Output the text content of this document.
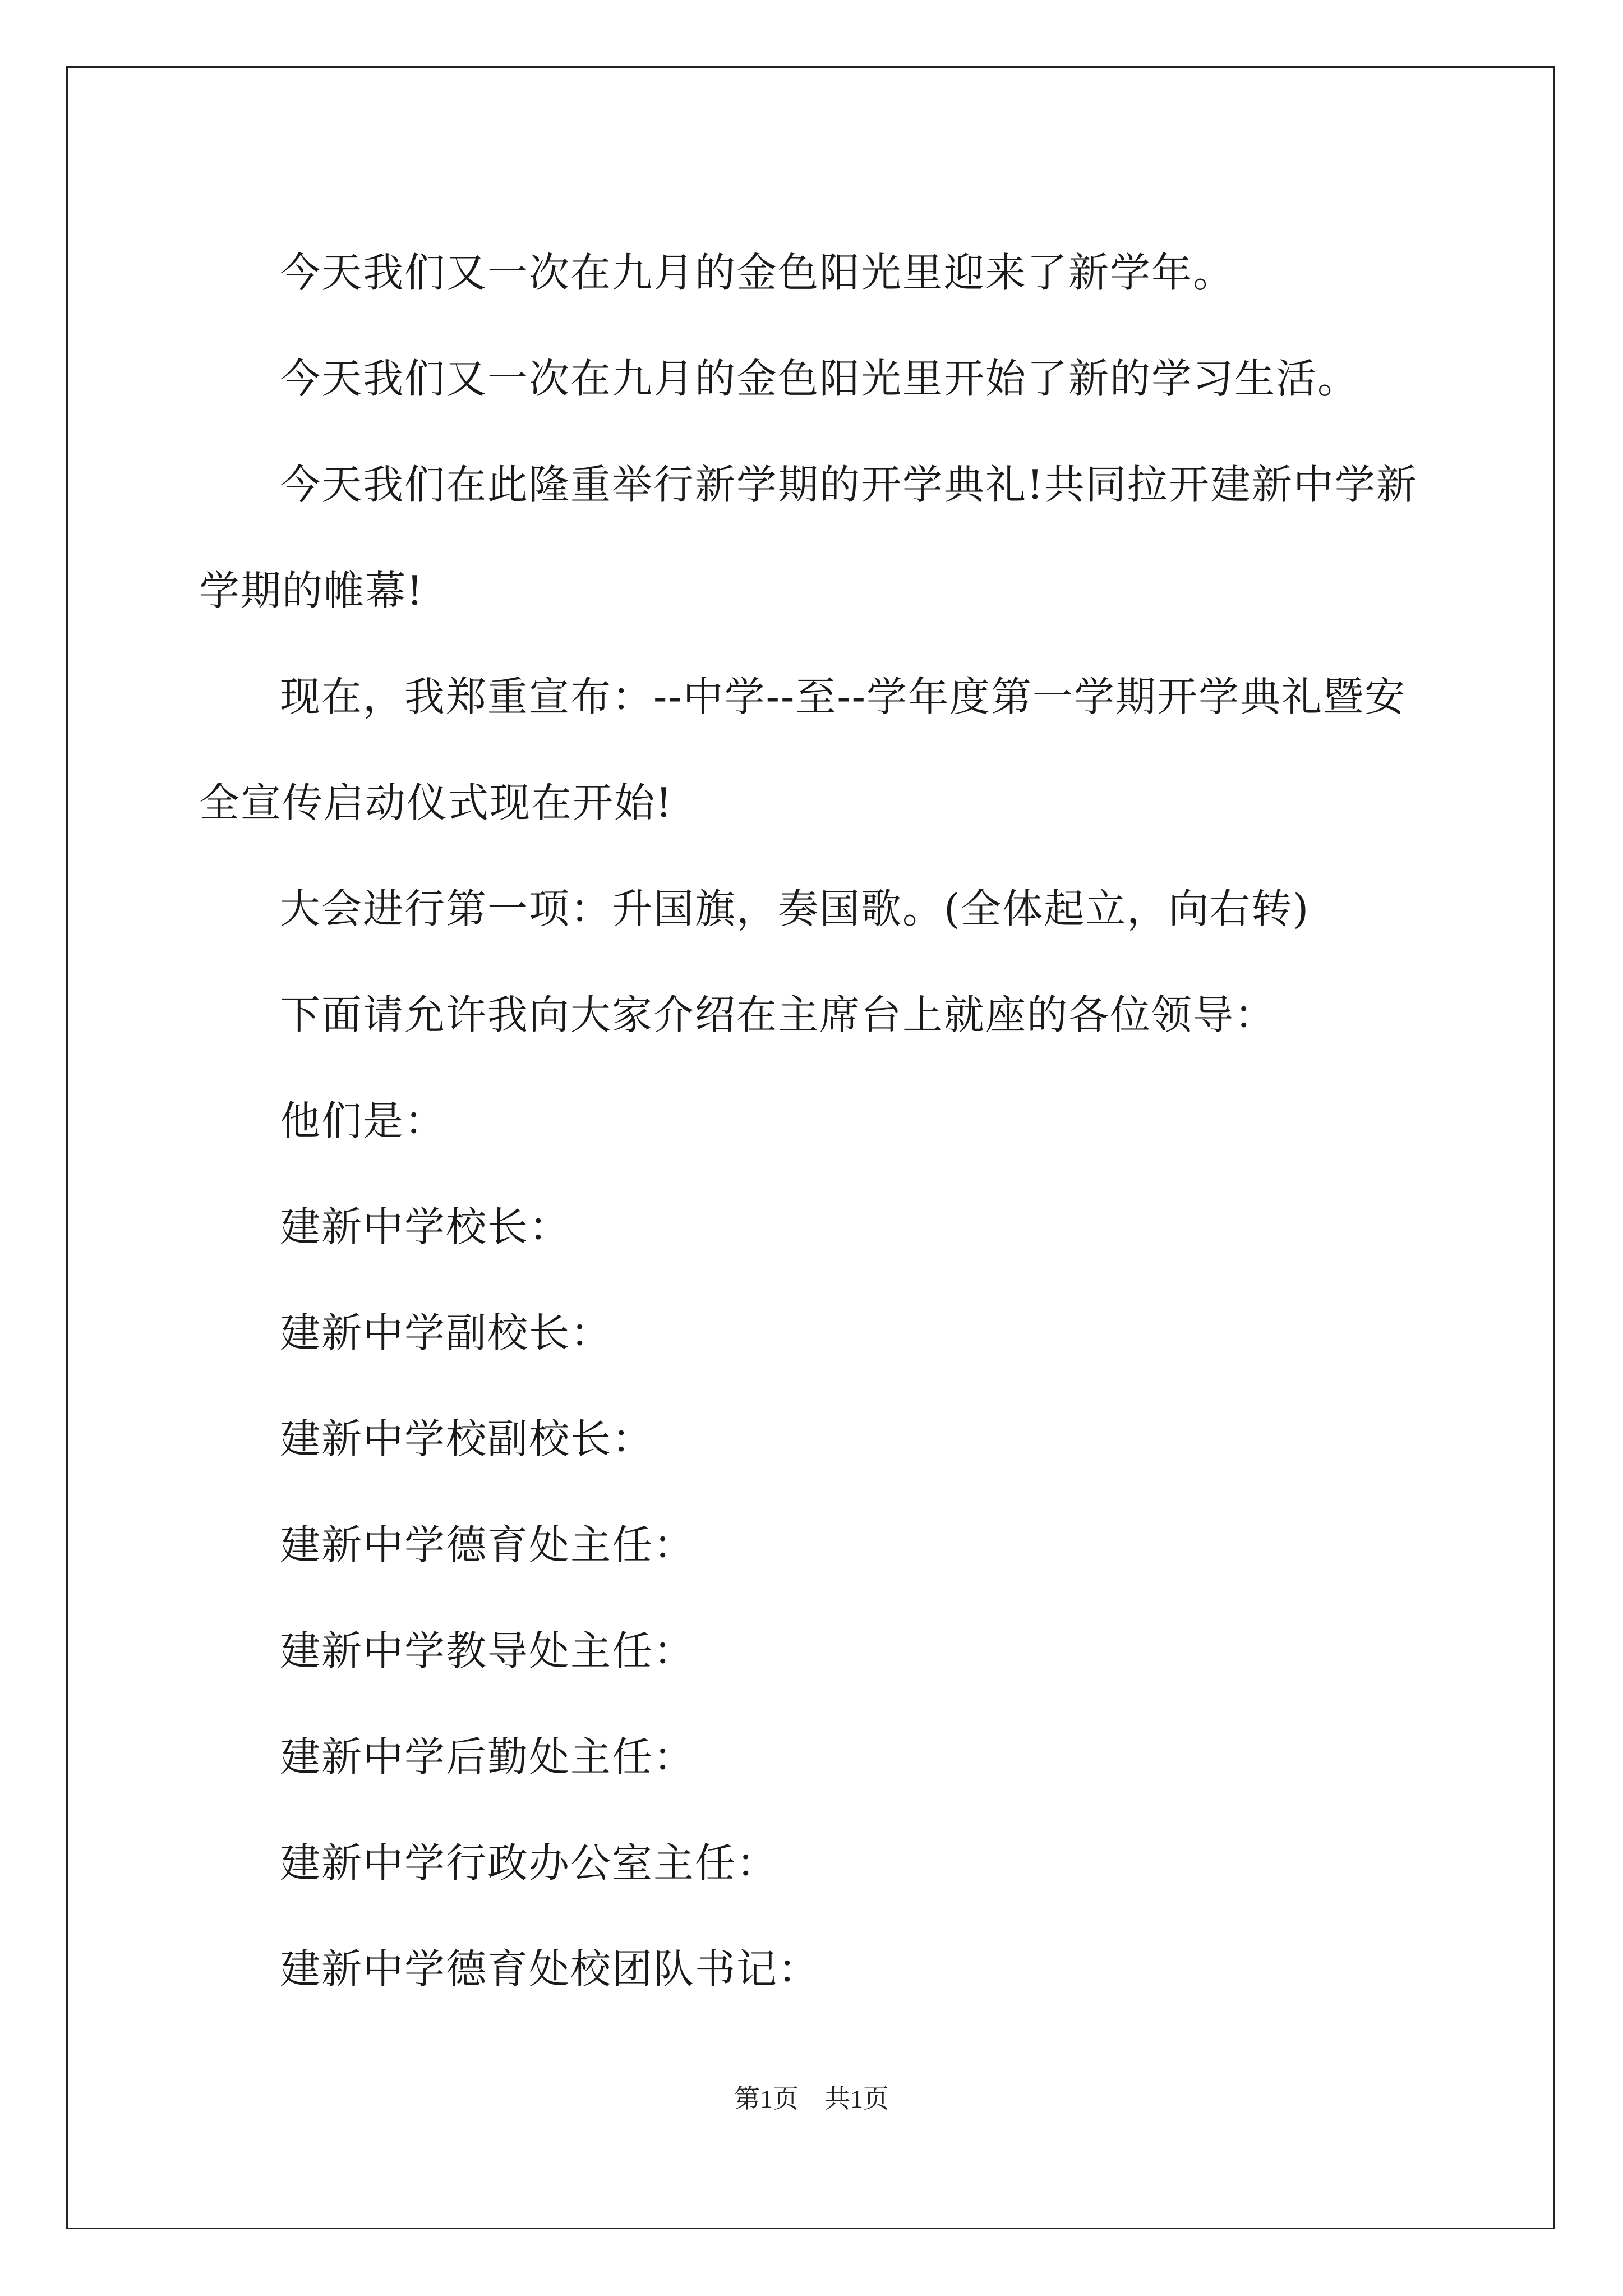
今天我们又一次在九月的金色阳光里迎来了新学年。

今天我们又一次在九月的金色阳光里开始了新的学习生活。

今天我们在此隆重举行新学期的开学典礼!共同拉开建新中学新学期的帷幕!

现在，我郑重宣布：--中学--至--学年度第一学期开学典礼暨安全宣传启动仪式现在开始!

大会进行第一项：升国旗，奏国歌。(全体起立，向右转)

下面请允许我向大家介绍在主席台上就座的各位领导：

他们是：

建新中学校长：

建新中学副校长：

建新中学校副校长：

建新中学德育处主任：

建新中学教导处主任：

建新中学后勤处主任：

建新中学行政办公室主任：

建新中学德育处校团队书记：

第1页　共1页
